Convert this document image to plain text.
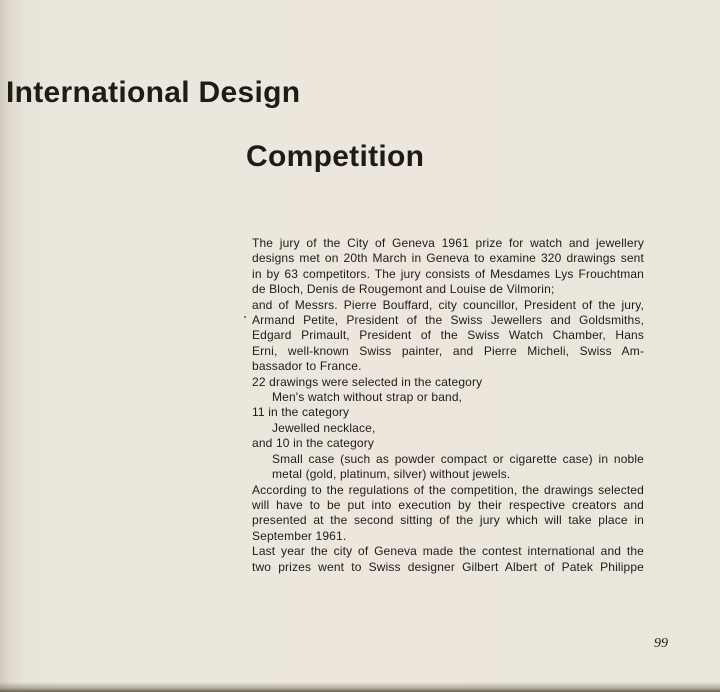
International Design
Competition
The jury of the City of Geneva 1961 prize for watch and jewellery
designs met on 20th March in Geneva to examine 320 drawings sent
in by 63 competitors. The jury consists of Mesdames Lys Frouchtman
de Bloch, Denis de Rougemont and Louise de Vilmorin;
and of Messrs. Pierre Bouffard, city councillor, President of the jury,
Armand Petite, President of the Swiss Jewellers and Goldsmiths,
Edgard Primault, President of the Swiss Watch Chamber, Hans
Erni, well-known Swiss painter, and Pierre Micheli, Swiss Am-
bassador to France.
22 drawings were selected in the category
Men's watch without strap or band,
11 in the category
Jewelled necklace,
and 10 in the category
Small case (such as powder compact or cigarette case) in noble
metal (gold, platinum, silver) without jewels.
According to the regulations of the competition, the drawings selected
will have to be put into execution by their respective creators and
presented at the second sitting of the jury which will take place in
September 1961.
Last year the city of Geneva made the contest international and the
two prizes went to Swiss designer Gilbert Albert of Patek Philippe
99
